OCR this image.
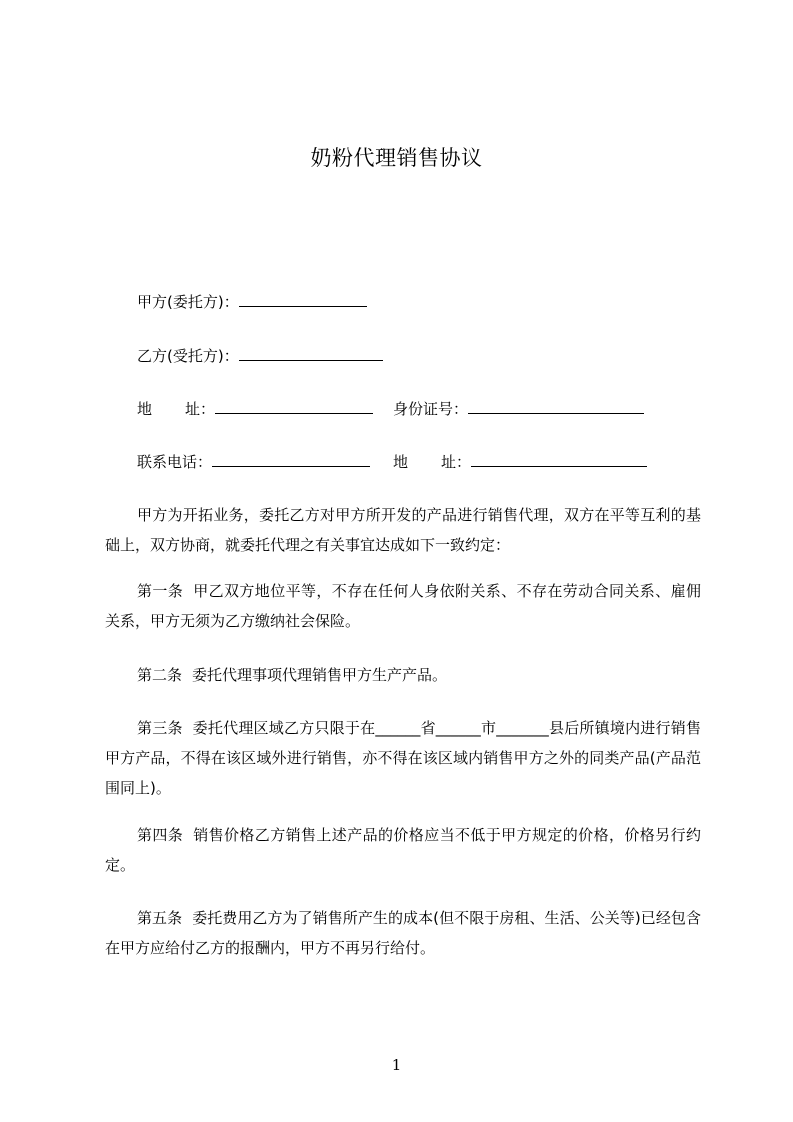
奶粉代理销售协议
甲方(委托方)：
乙方(受托方)：
地 址：	身份证号：
联系电话：	地 址：
甲方为开拓业务，委托乙方对甲方所开发的产品进行销售代理，双方在平等互利的基础上，双方协商，就委托代理之有关事宜达成如下一致约定：
第一条 甲乙双方地位平等，不存在任何人身依附关系、不存在劳动合同关系、雇佣关系，甲方无须为乙方缴纳社会保险。
第二条 委托代理事项代理销售甲方生产产品。
第三条 委托代理区域乙方只限于在______省______市_______县后所镇境内进行销售甲方产品，不得在该区域外进行销售，亦不得在该区域内销售甲方之外的同类产品(产品范围同上)。
第四条 销售价格乙方销售上述产品的价格应当不低于甲方规定的价格，价格另行约定。
第五条 委托费用乙方为了销售所产生的成本(但不限于房租、生活、公关等)已经包含在甲方应给付乙方的报酬内，甲方不再另行给付。
1
